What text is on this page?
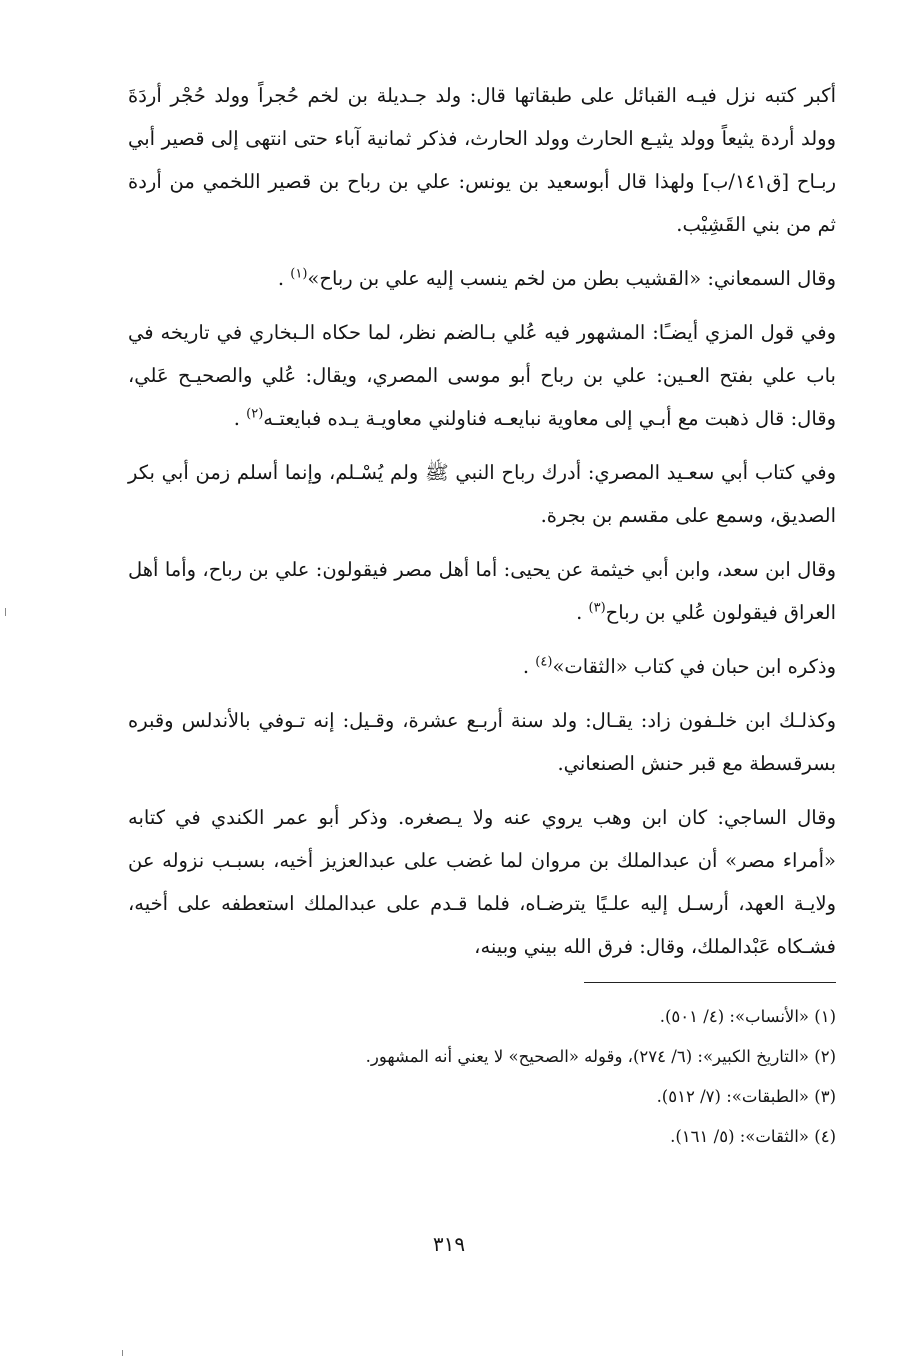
أكبر كتبه نزل فيـه القبائل على طبقاتها قال: ولد جـديلة بن لخم حُجراً وولد حُجْر أردَةَ وولد أردة يثيعاً وولد يثيـع الحارث وولد الحارث، فذكر ثمانية آباء حتى انتهى إلى قصير أبي ربـاح [ق١٤١/ب] ولهذا قال أبوسعيد بن يونس: علي بن رباح بن قصير اللخمي من أردة ثم من بني القَشِيْب.

وقال السمعاني: «القشيب بطن من لخم ينسب إليه علي بن رباح»$^{(١)}$ .

وفي قول المزي أيضـًا: المشهور فيه عُلي بـالضم نظر، لما حكاه الـبخاري في تاريخه في باب علي بفتح العـين: علي بن رباح أبو موسى المصري، ويقال: عُلي والصحيـح عَلي، وقال: قال ذهبت مع أبـي إلى معاوية نبايعـه فناولني معاويـة يـده فبايعتـه$^{(٢)}$ .

وفي كتاب أبي سعـيد المصري: أدرك رباح النبي ﷺ ولم يُسْـلم، وإنما أسلم زمن أبي بكر الصديق، وسمع على مقسم بن بجرة.

وقال ابن سعد، وابن أبي خيثمة عن يحيى: أما أهل مصر فيقولون: علي بن رباح، وأما أهل العراق فيقولون عُلي بن رباح$^{(٣)}$ .

وذكره ابن حبان في كتاب «الثقات»$^{(٤)}$ .

وكذلـك ابن خلـفون زاد: يقـال: ولد سنة أربـع عشرة، وقـيل: إنه تـوفي بالأندلس وقبره بسرقسطة مع قبر حنش الصنعاني.

وقال الساجي: كان ابن وهب يروي عنه ولا يـصغره. وذكر أبو عمر الكندي في كتابه «أمراء مصر» أن عبدالملك بن مروان لما غضب على عبدالعزيز أخيه، بسبـب نزوله عن ولايـة العهد، أرسـل إليه علـيًا يترضـاه، فلما قـدم على عبدالملك استعطفه على أخيه، فشـكاه عَبْدالملك، وقال: فرق الله بيني وبينه،

(١) «الأنساب»: (٤/ ٥٠١).

(٢) «التاريخ الكبير»: (٦/ ٢٧٤)، وقوله «الصحيح» لا يعني أنه المشهور.

(٣) «الطبقات»: (٧/ ٥١٢).

(٤) «الثقات»: (٥/ ١٦١).

٣١٩
